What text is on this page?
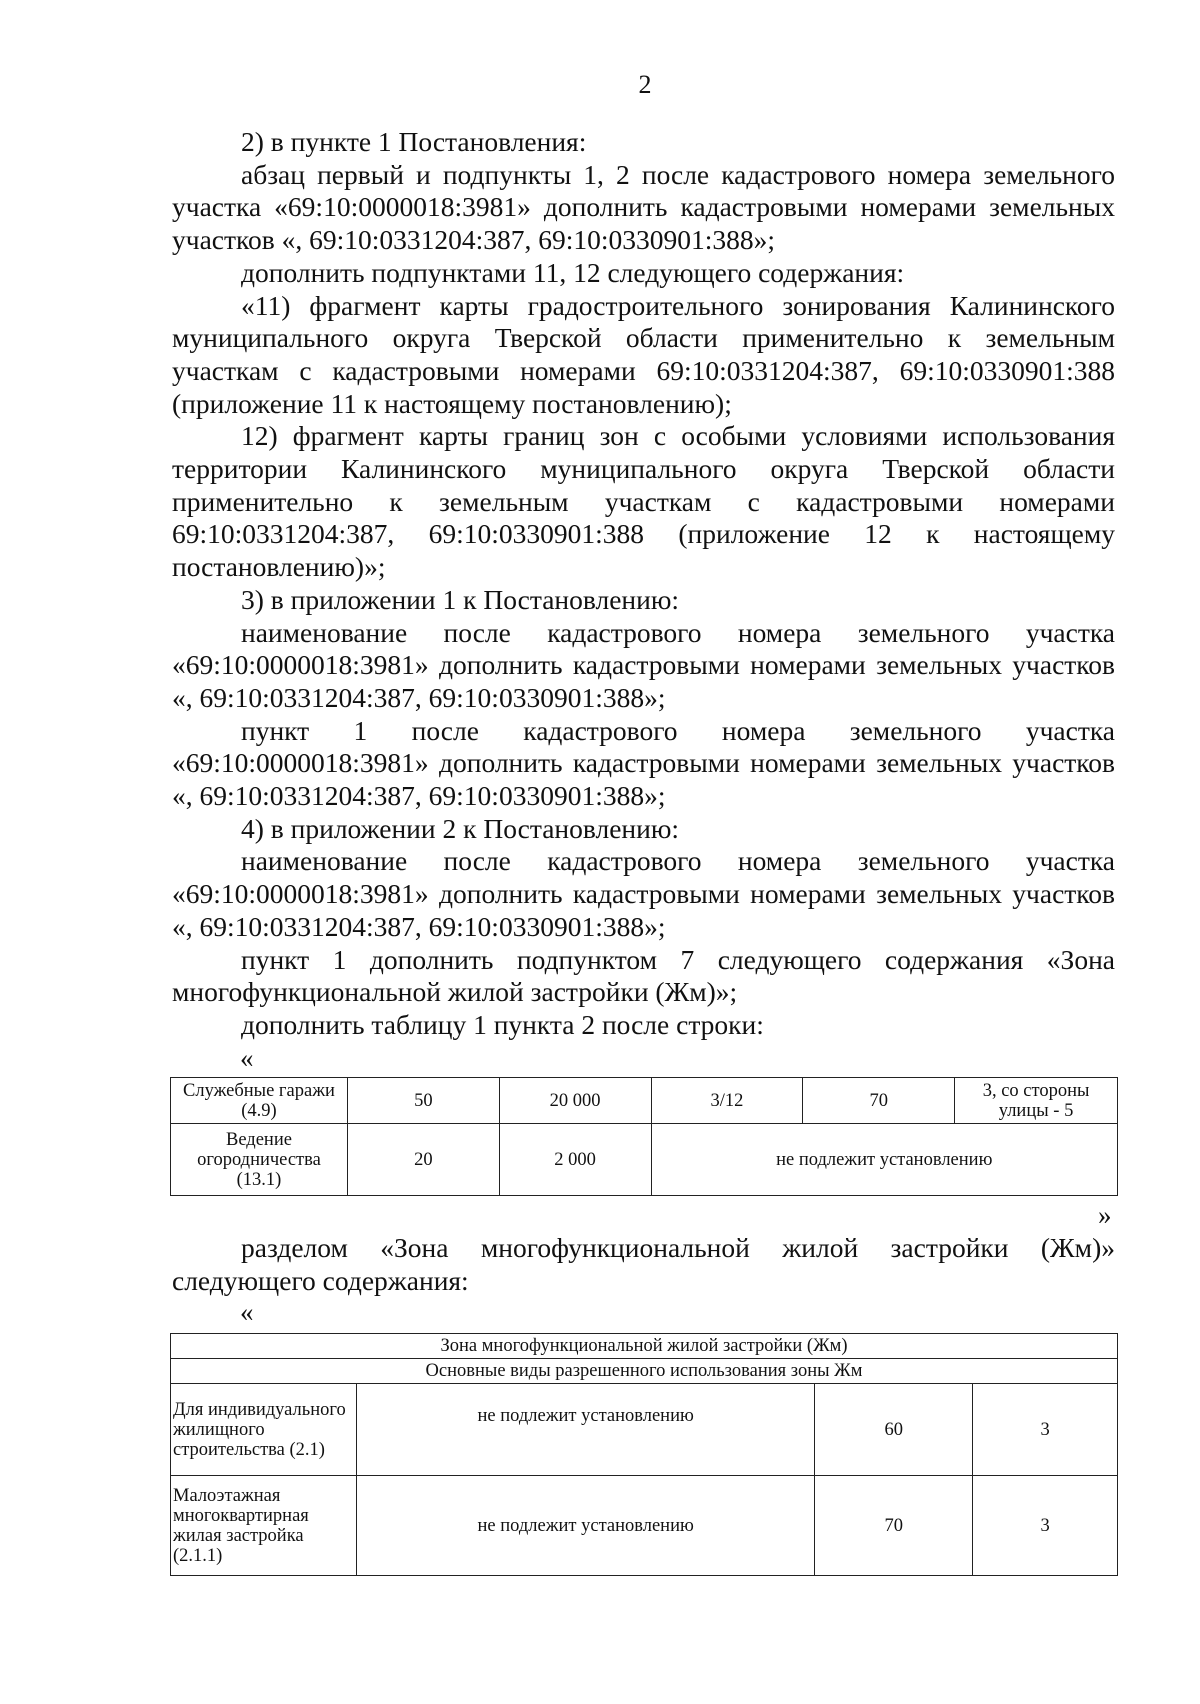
2

2) в пункте 1 Постановления:

абзац первый и подпункты 1, 2 после кадастрового номера земельного участка «69:10:0000018:3981» дополнить кадастровыми номерами земельных участков «, 69:10:0331204:387, 69:10:0330901:388»;

дополнить подпунктами 11, 12 следующего содержания:

«11) фрагмент карты градостроительного зонирования Калининского муниципального округа Тверской области применительно к земельным участкам с кадастровыми номерами 69:10:0331204:387, 69:10:0330901:388 (приложение 11 к настоящему постановлению);

12) фрагмент карты границ зон с особыми условиями использования территории Калининского муниципального округа Тверской области применительно к земельным участкам с кадастровыми номерами 69:10:0331204:387, 69:10:0330901:388 (приложение 12 к настоящему постановлению)»;

3) в приложении 1 к Постановлению:

наименование после кадастрового номера земельного участка «69:10:0000018:3981» дополнить кадастровыми номерами земельных участков «, 69:10:0331204:387, 69:10:0330901:388»;

пункт 1 после кадастрового номера земельного участка «69:10:0000018:3981» дополнить кадастровыми номерами земельных участков «, 69:10:0331204:387, 69:10:0330901:388»;

4) в приложении 2 к Постановлению:

наименование после кадастрового номера земельного участка «69:10:0000018:3981» дополнить кадастровыми номерами земельных участков «, 69:10:0331204:387, 69:10:0330901:388»;

пункт 1 дополнить подпунктом 7 следующего содержания «Зона многофункциональной жилой застройки (Жм)»;

дополнить таблицу 1 пункта 2 после строки:

«
Служебные гаражи (4.9)	50	20 000	3/12	70	3, со стороны улицы - 5
Ведение огородничества (13.1)	20	2 000	не подлежит установлению		
»

разделом «Зона многофункциональной жилой застройки (Жм)» следующего содержания:

«
Зона многофункциональной жилой застройки (Жм)			
Основные виды разрешенного использования зоны Жм			
Для индивидуального жилищного строительства (2.1)	не подлежит установлению	60	3
Малоэтажная многоквартирная жилая застройка (2.1.1)	не подлежит установлению	70	3
